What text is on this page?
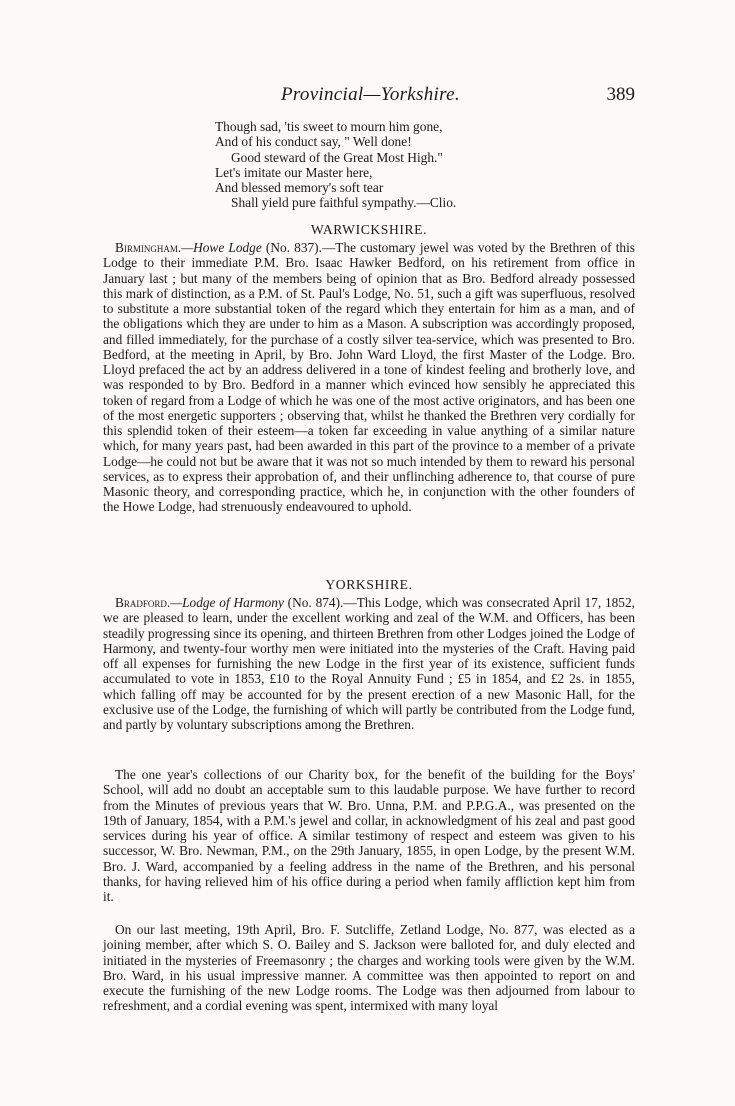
Provincial—Yorkshire.	389
Though sad, 'tis sweet to mourn him gone,
And of his conduct say, " Well done!
Good steward of the Great Most High."
Let's imitate our Master here,
And blessed memory's soft tear
Shall yield pure faithful sympathy.—Clio.
WARWICKSHIRE.

Birmingham.—Howe Lodge (No. 837).—The customary jewel was voted by the Brethren of this Lodge to their immediate P.M. Bro. Isaac Hawker Bedford, on his retirement from office in January last ; but many of the members being of opinion that as Bro. Bedford already possessed this mark of distinction, as a P.M. of St. Paul's Lodge, No. 51, such a gift was superfluous, resolved to substitute a more substantial token of the regard which they entertain for him as a man, and of the obligations which they are under to him as a Mason. A subscription was accordingly proposed, and filled immediately, for the purchase of a costly silver tea-service, which was presented to Bro. Bedford, at the meeting in April, by Bro. John Ward Lloyd, the first Master of the Lodge. Bro. Lloyd prefaced the act by an address delivered in a tone of kindest feeling and brotherly love, and was responded to by Bro. Bedford in a manner which evinced how sensibly he appreciated this token of regard from a Lodge of which he was one of the most active originators, and has been one of the most energetic supporters ; observing that, whilst he thanked the Brethren very cordially for this splendid token of their esteem—a token far exceeding in value anything of a similar nature which, for many years past, had been awarded in this part of the province to a member of a private Lodge—he could not but be aware that it was not so much intended by them to reward his personal services, as to express their approbation of, and their unflinching adherence to, that course of pure Masonic theory, and corresponding practice, which he, in conjunction with the other founders of the Howe Lodge, had strenuously endeavoured to uphold.

YORKSHIRE.

Bradford.—Lodge of Harmony (No. 874).—This Lodge, which was consecrated April 17, 1852, we are pleased to learn, under the excellent working and zeal of the W.M. and Officers, has been steadily progressing since its opening, and thirteen Brethren from other Lodges joined the Lodge of Harmony, and twenty-four worthy men were initiated into the mysteries of the Craft. Having paid off all expenses for furnishing the new Lodge in the first year of its existence, sufficient funds accumulated to vote in 1853, £10 to the Royal Annuity Fund ; £5 in 1854, and £2 2s. in 1855, which falling off may be accounted for by the present erection of a new Masonic Hall, for the exclusive use of the Lodge, the furnishing of which will partly be contributed from the Lodge fund, and partly by voluntary subscriptions among the Brethren.

The one year's collections of our Charity box, for the benefit of the building for the Boys' School, will add no doubt an acceptable sum to this laudable purpose. We have further to record from the Minutes of previous years that W. Bro. Unna, P.M. and P.P.G.A., was presented on the 19th of January, 1854, with a P.M.'s jewel and collar, in acknowledgment of his zeal and past good services during his year of office. A similar testimony of respect and esteem was given to his successor, W. Bro. Newman, P.M., on the 29th January, 1855, in open Lodge, by the present W.M. Bro. J. Ward, accompanied by a feeling address in the name of the Brethren, and his personal thanks, for having relieved him of his office during a period when family affliction kept him from it.

On our last meeting, 19th April, Bro. F. Sutcliffe, Zetland Lodge, No. 877, was elected as a joining member, after which S. O. Bailey and S. Jackson were balloted for, and duly elected and initiated in the mysteries of Freemasonry ; the charges and working tools were given by the W.M. Bro. Ward, in his usual impressive manner. A committee was then appointed to report on and execute the furnishing of the new Lodge rooms. The Lodge was then adjourned from labour to refreshment, and a cordial evening was spent, intermixed with many loyal
